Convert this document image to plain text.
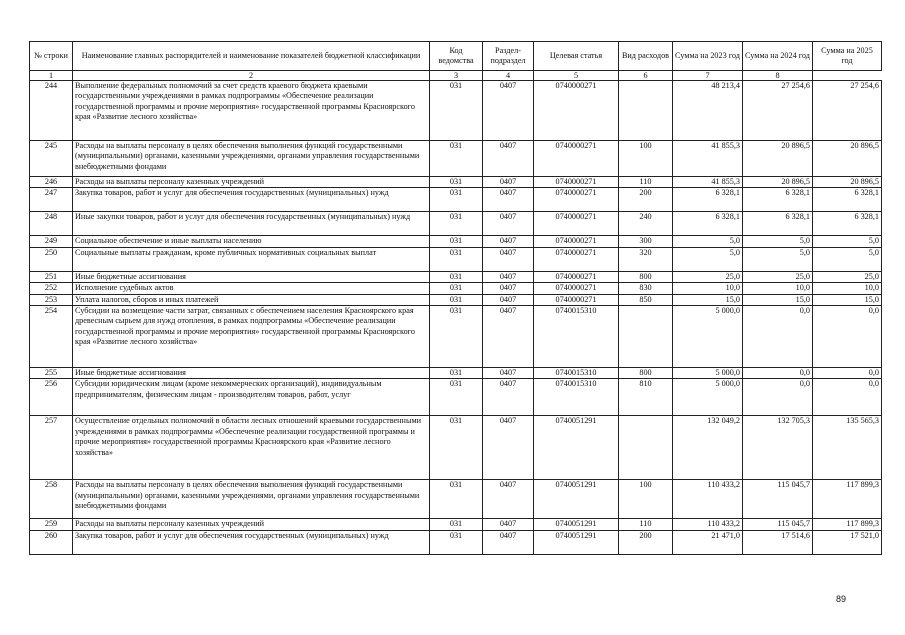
№ строки	Наименование главных распорядителей и наименование показателей бюджетной классификации	Код ведомства	Раздел-подраздел	Целевая статья	Вид расходов	Сумма на 2023 год	Сумма на 2024 год	Сумма на 2025 год
1	2	3	4	5	6	7	8	
244	Выполнение федеральных полномочий за счет средств краевого бюджета краевыми государственными учреждениями в рамках подпрограммы «Обеспечение реализации государственной программы и прочие мероприятия» государственной программы Красноярского края «Развитие лесного хозяйства»	031	0407	0740000271		48 213,4	27 254,6	27 254,6
245	Расходы на выплаты персоналу в целях обеспечения выполнения функций государственными (муниципальными) органами, казенными учреждениями, органами управления государственными внебюджетными фондами	031	0407	0740000271	100	41 855,3	20 896,5	20 896,5
246	Расходы на выплаты персоналу казенных учреждений	031	0407	0740000271	110	41 855,3	20 896,5	20 896,5
247	Закупка товаров, работ и услуг для обеспечения государственных (муниципальных) нужд	031	0407	0740000271	200	6 328,1	6 328,1	6 328,1
248	Иные закупки товаров, работ и услуг для обеспечения государственных (муниципальных) нужд	031	0407	0740000271	240	6 328,1	6 328,1	6 328,1
249	Социальное обеспечение и иные выплаты населению	031	0407	0740000271	300	5,0	5,0	5,0
250	Социальные выплаты гражданам, кроме публичных нормативных социальных выплат	031	0407	0740000271	320	5,0	5,0	5,0
251	Иные бюджетные ассигнования	031	0407	0740000271	800	25,0	25,0	25,0
252	Исполнение судебных актов	031	0407	0740000271	830	10,0	10,0	10,0
253	Уплата налогов, сборов и иных платежей	031	0407	0740000271	850	15,0	15,0	15,0
254	Субсидии на возмещение части затрат, связанных с обеспечением населения Красноярского края древесным сырьем для нужд отопления, в рамках подпрограммы «Обеспечение реализации государственной программы и прочие мероприятия» государственной программы Красноярского края «Развитие лесного хозяйства»	031	0407	0740015310		5 000,0	0,0	0,0
255	Иные бюджетные ассигнования	031	0407	0740015310	800	5 000,0	0,0	0,0
256	Субсидии юридическим лицам (кроме некоммерческих организаций), индивидуальным предпринимателям, физическим лицам - производителям товаров, работ, услуг	031	0407	0740015310	810	5 000,0	0,0	0,0
257	Осуществление отдельных полномочий в области лесных отношений краевыми государственными учреждениями в рамках подпрограммы «Обеспечение реализации государственной программы и прочие мероприятия» государственной программы Красноярского края «Развитие лесного хозяйства»	031	0407	0740051291		132 049,2	132 705,3	135 565,3
258	Расходы на выплаты персоналу в целях обеспечения выполнения функций государственными (муниципальными) органами, казенными учреждениями, органами управления государственными внебюджетными фондами	031	0407	0740051291	100	110 433,2	115 045,7	117 899,3
259	Расходы на выплаты персоналу казенных учреждений	031	0407	0740051291	110	110 433,2	115 045,7	117 899,3
260	Закупка товаров, работ и услуг для обеспечения государственных (муниципальных) нужд	031	0407	0740051291	200	21 471,0	17 514,6	17 521,0
89
